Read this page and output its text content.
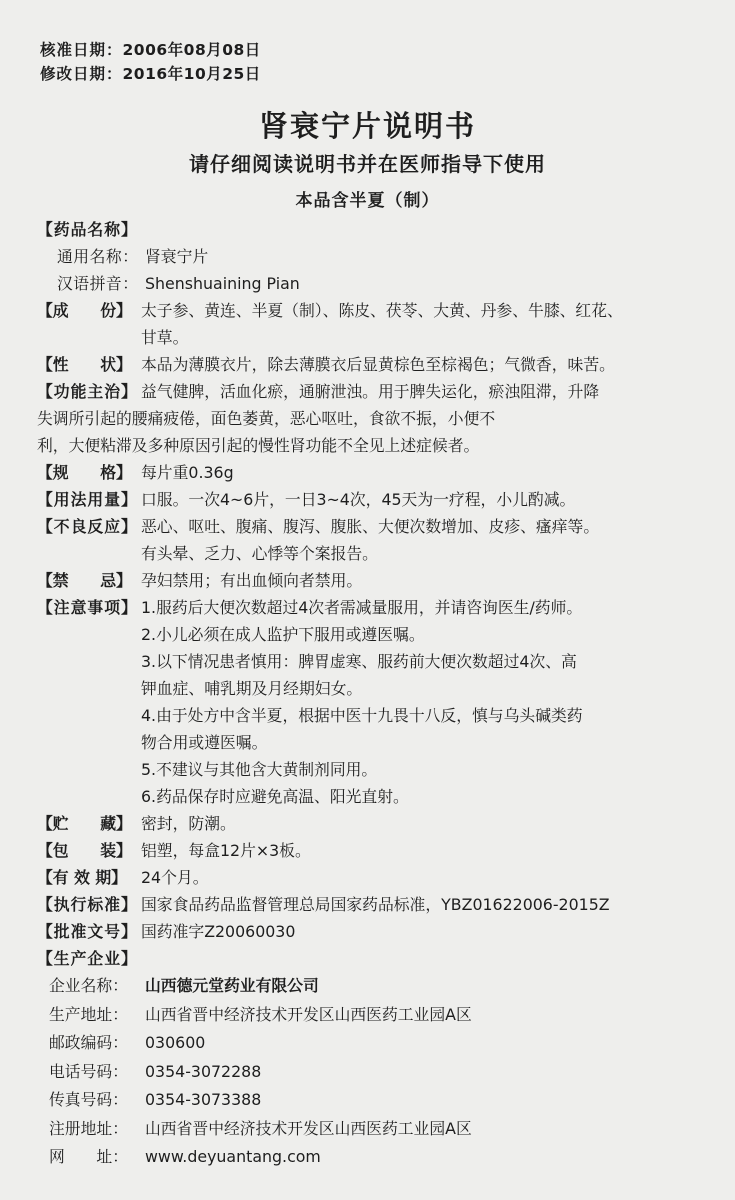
核准日期：2006年08月08日
修改日期：2016年10月25日
肾衰宁片说明书
请仔细阅读说明书并在医师指导下使用
本品含半夏（制）
【药品名称】
通用名称： 肾衰宁片
汉语拼音： Shenshuaining Pian
【成　　份】 太子参、黄连、半夏（制）、陈皮、茯苓、大黄、丹参、牛膝、红花、
甘草。
【性　　状】 本品为薄膜衣片，除去薄膜衣后显黄棕色至棕褐色；气微香，味苦。
【功能主治】 益气健脾，活血化瘀，通腑泄浊。用于脾失运化，瘀浊阻滞，升降
失调所引起的腰痛疲倦，面色萎黄，恶心呕吐，食欲不振，小便不
利，大便粘滞及多种原因引起的慢性肾功能不全见上述症候者。
【规　　格】 每片重0.36g
【用法用量】 口服。一次4~6片，一日3~4次，45天为一疗程，小儿酌减。
【不良反应】 恶心、呕吐、腹痛、腹泻、腹胀、大便次数增加、皮疹、瘙痒等。
有头晕、乏力、心悸等个案报告。
【禁　　忌】 孕妇禁用；有出血倾向者禁用。
【注意事项】 1.服药后大便次数超过4次者需减量服用，并请咨询医生/药师。
2.小儿必须在成人监护下服用或遵医嘱。
3.以下情况患者慎用：脾胃虚寒、服药前大便次数超过4次、高
钾血症、哺乳期及月经期妇女。
4.由于处方中含半夏，根据中医十九畏十八反，慎与乌头碱类药
物合用或遵医嘱。
5.不建议与其他含大黄制剂同用。
6.药品保存时应避免高温、阳光直射。
【贮　　藏】 密封，防潮。
【包　　装】 铝塑，每盒12片×3板。
【有 效 期】 24个月。
【执行标准】 国家食品药品监督管理总局国家药品标准，YBZ01622006-2015Z
【批准文号】 国药准字Z20060030
【生产企业】
企业名称：	山西德元堂药业有限公司
生产地址：	山西省晋中经济技术开发区山西医药工业园A区
邮政编码：	030600
电话号码：	0354-3072288
传真号码：	0354-3073388
注册地址：	山西省晋中经济技术开发区山西医药工业园A区
网　　址：	www.deyuantang.com
